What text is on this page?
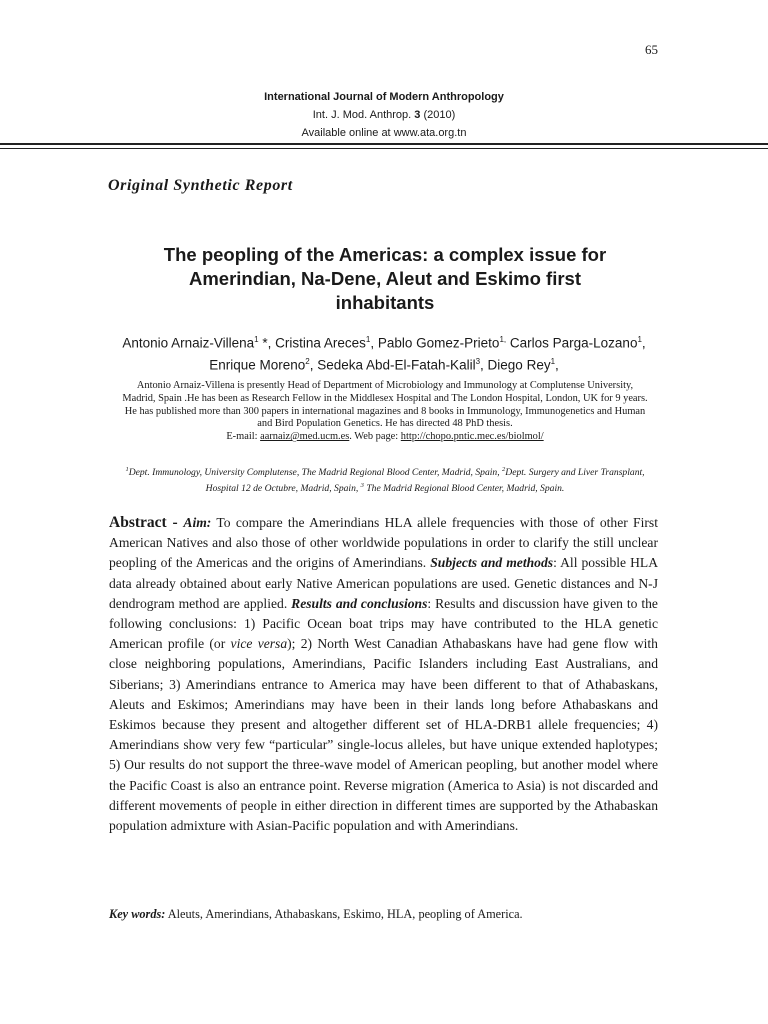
65
International Journal of Modern Anthropology
Int. J. Mod. Anthrop. 3 (2010)
Available online at www.ata.org.tn
Original Synthetic Report
The peopling of the Americas: a complex issue for
Amerindian, Na-Dene, Aleut and Eskimo first
inhabitants
Antonio Arnaiz-Villena$^1$ *, Cristina Areces$^1$, Pablo Gomez-Prieto$^{1,}$ Carlos Parga-Lozano$^1$, Enrique Moreno$^2$, Sedeka Abd-El-Fatah-Kalil$^3$, Diego Rey$^1$,
Antonio Arnaiz-Villena is presently Head of Department of Microbiology and Immunology at Complutense University, Madrid, Spain .He has been as Research Fellow in the Middlesex Hospital and The London Hospital, London, UK for 9 years. He has published more than 300 papers in international magazines and 8 books in Immunology, Immunogenetics and Human and Bird Population Genetics. He has directed 48 PhD thesis.
E-mail: aarnaiz@med.ucm.es. Web page: http://chopo.pntic.mec.es/biolmol/
$^1$Dept. Immunology, University Complutense, The Madrid Regional Blood Center, Madrid, Spain, $^2$Dept. Surgery and Liver Transplant, Hospital 12 de Octubre, Madrid, Spain, $^3$ The Madrid Regional Blood Center, Madrid, Spain.
Abstract - Aim: To compare the Amerindians HLA allele frequencies with those of other First American Natives and also those of other worldwide populations in order to clarify the still unclear peopling of the Americas and the origins of Amerindians. Subjects and methods: All possible HLA data already obtained about early Native American populations are used. Genetic distances and N-J dendrogram method are applied. Results and conclusions: Results and discussion have given to the following conclusions: 1) Pacific Ocean boat trips may have contributed to the HLA genetic American profile (or vice versa); 2) North West Canadian Athabaskans have had gene flow with close neighboring populations, Amerindians, Pacific Islanders including East Australians, and Siberians; 3) Amerindians entrance to America may have been different to that of Athabaskans, Aleuts and Eskimos; Amerindians may have been in their lands long before Athabaskans and Eskimos because they present and altogether different set of HLA-DRB1 allele frequencies; 4) Amerindians show very few “particular” single-locus alleles, but have unique extended haplotypes; 5) Our results do not support the three-wave model of American peopling, but another model where the Pacific Coast is also an entrance point. Reverse migration (America to Asia) is not discarded and different movements of people in either direction in different times are supported by the Athabaskan population admixture with Asian-Pacific population and with Amerindians.
Key words: Aleuts, Amerindians, Athabaskans, Eskimo, HLA, peopling of America.
